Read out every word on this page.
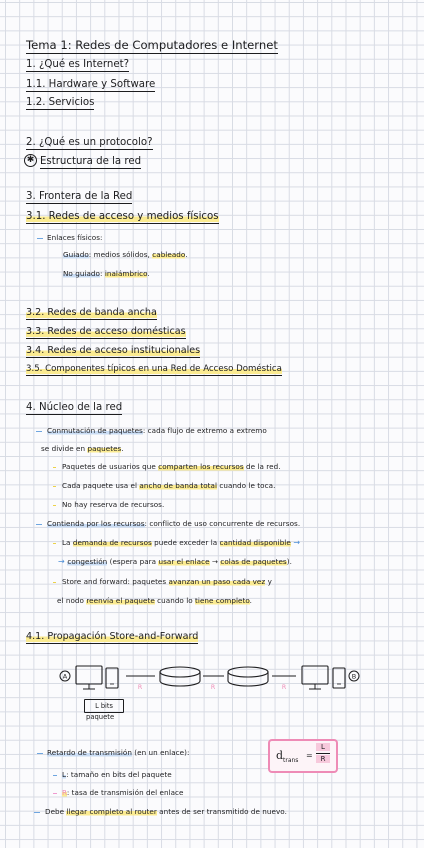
Tema 1: Redes de Computadores e Internet
1. ¿Qué es Internet?
1.1. Hardware y Software
1.2. Servicios
2. ¿Qué es un protocolo?
✱ Estructura de la red
3. Frontera de la Red
3.1. Redes de acceso y medios físicos
Enlaces físicos:
Guiado: medios sólidos, cableado.
No guiado: inalámbrico.
3.2. Redes de banda ancha
3.3. Redes de acceso domésticas
3.4. Redes de acceso institucionales
3.5. Componentes típicos en una Red de Acceso Doméstica
4. Núcleo de la red
Conmutación de paquetes: cada flujo de extremo a extremo
se divide en paquetes.
Paquetes de usuarios que comparten los recursos de la red.
Cada paquete usa el ancho de banda total cuando le toca.
No hay reserva de recursos.
Contienda por los recursos: conflicto de uso concurrente de recursos.
La demanda de recursos puede exceder la cantidad disponible →
→ congestión (espera para usar el enlace → colas de paquetes).
Store and forward: paquetes avanzan un paso cada vez y
el nodo reenvía el paquete cuando lo tiene completo.
4.1. Propagación Store-and-Forward
A
R	R	R
B
L bits
paquete
Retardo de transmisión (en un enlace):	d trans
=
L
R
L: tamaño en bits del paquete
R: tasa de transmisión del enlace
Debe llegar completo al router antes de ser transmitido de nuevo.
